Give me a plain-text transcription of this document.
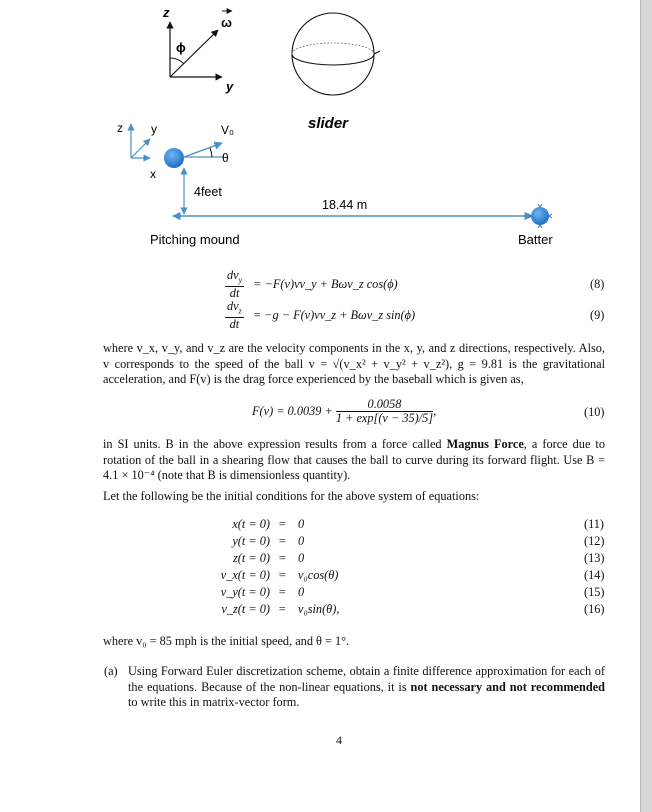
z
y
ϕ
ω
slider
z y
x
V₀
θ
4feet
18.44 m
Pitching mound	Batter
$\frac{dv_y}{dt}$ = −F(v)vv_y + Bωv_z cos(ϕ)	(8)
$\frac{dv_z}{dt} = -g$ − F(v)vv_z + Bωv_z sin(ϕ)	(9)
where v_x, v_y, and v_z are the velocity components in the x, y, and z directions, respectively. Also, v corresponds to the speed of the ball v = √(v_x² + v_y² + v_z²), g = 9.81 is the gravitational acceleration, and F(v) is the drag force experienced by the baseball which is given as,
$F(v) = 0.0039 + \frac{0.0058}{1 + \exp[(v - 35)/5]}$ ,	(10)
in SI units. B in the above expression results from a force called Magnus Force, a force due to rotation of the ball in a shearing flow that causes the ball to curve during its forward flight. Use B = 4.1 × 10⁻⁴ (note that B is dimensionless quantity).
Let the following be the initial conditions for the above system of equations:
x(t = 0) = 0	(11)
y(t = 0) = 0	(12)
z(t = 0) = 0	(13)
v_x(t = 0) = v₀cos(θ)	(14)
v_y(t = 0) = 0	(15)
v_z(t = 0) = v₀sin(θ),	(16)
where v₀ = 85 mph is the initial speed, and θ = 1°.
(a) Using Forward Euler discretization scheme, obtain a finite difference approximation for each of the equations. Because of the non-linear equations, it is not necessary and not recommended to write this in matrix-vector form.
4
